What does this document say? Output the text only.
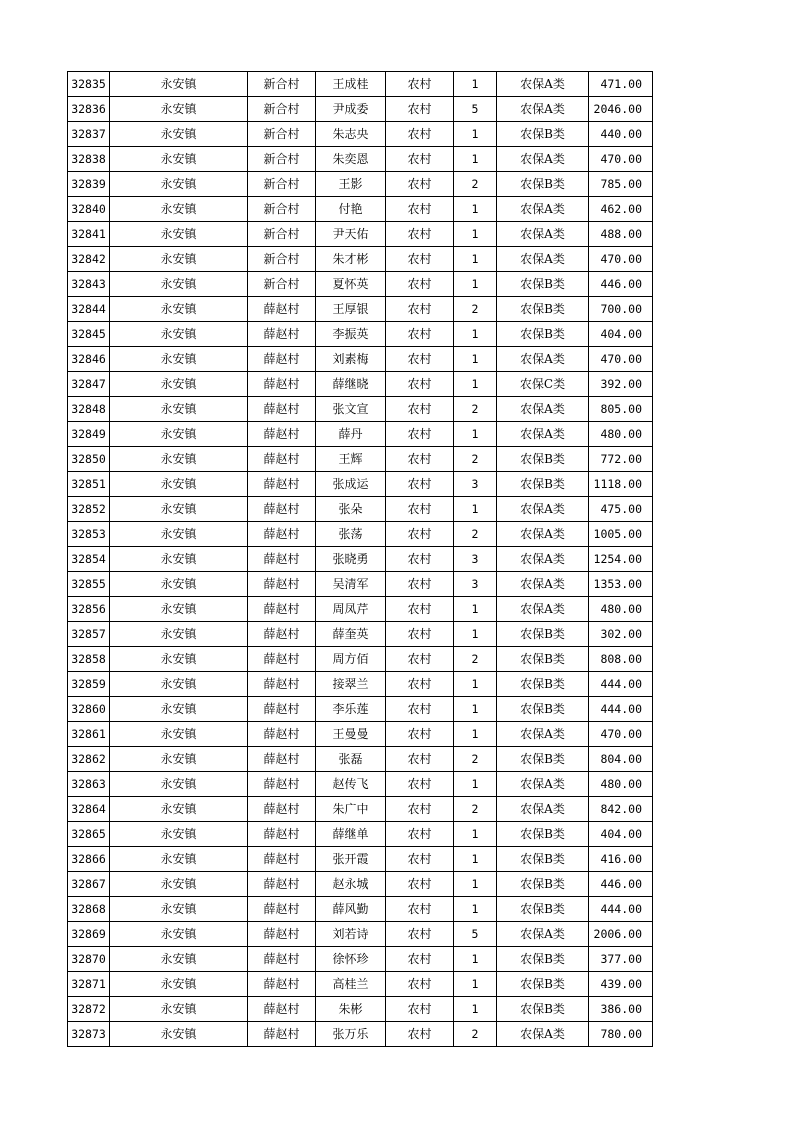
32835	永安镇	新合村	王成桂	农村	1	农保A类	471.00
32836	永安镇	新合村	尹成委	农村	5	农保A类	2046.00
32837	永安镇	新合村	朱志央	农村	1	农保B类	440.00
32838	永安镇	新合村	朱奕恩	农村	1	农保A类	470.00
32839	永安镇	新合村	王影	农村	2	农保B类	785.00
32840	永安镇	新合村	付艳	农村	1	农保A类	462.00
32841	永安镇	新合村	尹天佑	农村	1	农保A类	488.00
32842	永安镇	新合村	朱才彬	农村	1	农保A类	470.00
32843	永安镇	新合村	夏怀英	农村	1	农保B类	446.00
32844	永安镇	薛赵村	王厚银	农村	2	农保B类	700.00
32845	永安镇	薛赵村	李振英	农村	1	农保B类	404.00
32846	永安镇	薛赵村	刘素梅	农村	1	农保A类	470.00
32847	永安镇	薛赵村	薛继晓	农村	1	农保C类	392.00
32848	永安镇	薛赵村	张文宣	农村	2	农保A类	805.00
32849	永安镇	薛赵村	薛丹	农村	1	农保A类	480.00
32850	永安镇	薛赵村	王辉	农村	2	农保B类	772.00
32851	永安镇	薛赵村	张成运	农村	3	农保B类	1118.00
32852	永安镇	薛赵村	张朵	农村	1	农保A类	475.00
32853	永安镇	薛赵村	张荡	农村	2	农保A类	1005.00
32854	永安镇	薛赵村	张晓勇	农村	3	农保A类	1254.00
32855	永安镇	薛赵村	吴清军	农村	3	农保A类	1353.00
32856	永安镇	薛赵村	周凤芹	农村	1	农保A类	480.00
32857	永安镇	薛赵村	薛奎英	农村	1	农保B类	302.00
32858	永安镇	薛赵村	周方佰	农村	2	农保B类	808.00
32859	永安镇	薛赵村	接翠兰	农村	1	农保B类	444.00
32860	永安镇	薛赵村	李乐莲	农村	1	农保B类	444.00
32861	永安镇	薛赵村	王曼曼	农村	1	农保A类	470.00
32862	永安镇	薛赵村	张磊	农村	2	农保B类	804.00
32863	永安镇	薛赵村	赵传飞	农村	1	农保A类	480.00
32864	永安镇	薛赵村	朱广中	农村	2	农保A类	842.00
32865	永安镇	薛赵村	薛继单	农村	1	农保B类	404.00
32866	永安镇	薛赵村	张开霞	农村	1	农保B类	416.00
32867	永安镇	薛赵村	赵永城	农村	1	农保B类	446.00
32868	永安镇	薛赵村	薛风勤	农村	1	农保B类	444.00
32869	永安镇	薛赵村	刘若诗	农村	5	农保A类	2006.00
32870	永安镇	薛赵村	徐怀珍	农村	1	农保B类	377.00
32871	永安镇	薛赵村	高桂兰	农村	1	农保B类	439.00
32872	永安镇	薛赵村	朱彬	农村	1	农保B类	386.00
32873	永安镇	薛赵村	张万乐	农村	2	农保A类	780.00
